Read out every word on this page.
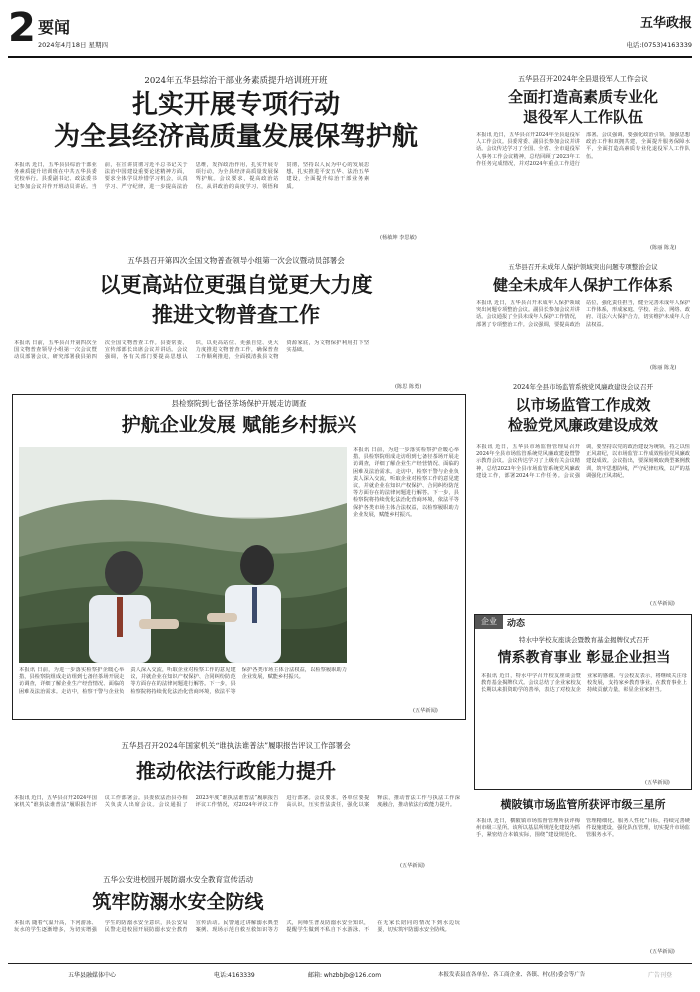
2 要闻
2024年4月18日 星期四
五华政报
电话:(0753)4163339
2024年五华县综治干部业务素质提升培训班开班
扎实开展专项行动
为全县经济高质量发展保驾护航
本报讯 近日，五华县县综治干部业务素质提升培训班在中共五华县委党校举行。县委副书记、政法委书记参加会议并作开班动员讲话。当前，在宣讲贯彻习近平总书记关于法治中国建设重要论述精神方面，要求全体学员珍惜学习机会，认真学习、严守纪律，进一步提高法治思维，发挥政治作用，扎实开展专项行动，为全县经济高质量发展保驾护航。会议要求，提高政治站位，从讲政治的高度学习、领悟和贯彻，坚持以人民为中心的发展思想，扎实推进平安五华、法治五华建设，全面提升综治干部业务素质。
(杨敏坤 李思敏)
五华县召开第四次全国文物普查领导小组第一次会议暨动员部署会
以更高站位更强自觉更大力度
推进文物普查工作
本报讯 日前，五华县召开第四次全国文物普查领导小组第一次会议暨动员部署会议，研究部署我县第四次全国文物普查工作。县委常委、宣传部部长出席会议并讲话。会议强调，各有关部门要提高思想认识，以更高站位、更强自觉、更大力度推进文物普查工作，确保普查工作顺利推进，全面摸清我县文物资源家底，为文物保护利用打下坚实基础。
(陈思 陈勇)
县检察院到七备径茶场保护开展走访调查
护航企业发展 赋能乡村振兴
本报讯 日前，为进一步落实检察护企暖心举措，县检察院组成走访组到七备径茶场开展走访调查，详细了解企业生产经营情况、面临的困难及法治需求。走访中，检察干警与企业负责人深入交流，听取企业对检察工作的意见建议，并就企业在知识产权保护、合同纠纷防范等方面存在的法律问题进行解答。下一步，县检察院将持续优化法治化营商环境，依法平等保护各类市场主体合法权益，以检察履职助力企业发展，赋能乡村振兴。
本报讯 日前，为进一步落实检察护企暖心举措，县检察院组成走访组到七备径茶场开展走访调查，详细了解企业生产经营情况、面临的困难及法治需求。走访中，检察干警与企业负责人深入交流，听取企业对检察工作的意见建议，并就企业在知识产权保护、合同纠纷防范等方面存在的法律问题进行解答。下一步，县检察院将持续优化法治化营商环境，依法平等保护各类市场主体合法权益，以检察履职助力企业发展，赋能乡村振兴。
(五华新闻)
五华县召开2024年国家机关“谁执法谁普法”履职报告评议工作部署会
推动依法行政能力提升
本报讯 近日，五华县召开2024年国家机关“谁执法谁普法”履职报告评议工作部署会。县委依法治县办相关负责人出席会议。会议通报了2023年度“谁执法谁普法”履职报告评议工作情况，对2024年评议工作进行部署。会议要求，各单位要提高认识，压实普法责任，强化以案释法，推动普法工作与执法工作深度融合，推动依法行政能力提升。
(五华新闻)
五华公安进校园开展防溺水安全教育宣传活动
筑牢防溺水安全防线
本报讯 随着气温升高，下河游泳、玩水的学生逐渐增多，为切实增强学生的防溺水安全意识，县公安局民警走进校园开展防溺水安全教育宣传活动。民警通过讲解溺水典型案例、现场示范自救互救知识等方式，向师生普及防溺水安全知识，提醒学生做到不私自下水游泳、不在无家长陪同的情况下到水边玩耍，切实筑牢防溺水安全防线。
五华县召开2024年全县退役军人工作会议
全面打造高素质专业化
退役军人工作队伍
本报讯 近日，五华县召开2024年全县退役军人工作会议。县委常委、副县长参加会议并讲话。会议传达学习了全国、全省、全市退役军人事务工作会议精神，总结回顾了2023年工作任务完成情况，并对2024年重点工作进行部署。会议强调，要强化政治引领，加强思想政治工作和双拥共建，全面提升服务保障水平，全面打造高素质专业化退役军人工作队伍。
(陈丽 陈龙)
五华县召开未成年人保护领域突出问题专项整治会议
健全未成年人保护工作体系
本报讯 近日，五华县召开未成年人保护领域突出问题专项整治会议。副县长参加会议并讲话。会议通报了全县未成年人保护工作情况，部署了专项整治工作。会议强调，要提高政治站位，强化责任担当，健全完善未成年人保护工作体系，形成家庭、学校、社会、网络、政府、司法六大保护合力，切实维护未成年人合法权益。
(陈丽 陈龙)
2024年全县市场监管系统党风廉政建设会议召开
以市场监管工作成效
检验党风廉政建设成效
本报讯 近日，五华县市场监督管理局召开2024年全县市场监管系统党风廉政建设暨警示教育会议。会议传达学习了上级有关会议精神，总结2023年全县市场监管系统党风廉政建设工作，部署2024年工作任务。会议强调，要坚持以党的政治建设为统领，持之以恒正风肃纪，以市场监管工作成效检验党风廉政建设成效。会议指出，要深刻吸取典型案例教训，筑牢思想防线，严守纪律红线，以严的基调强化正风肃纪。
(五华新闻)
企业	动态
特水中学校友座谈会暨教育基金揭牌仪式召开
情系教育事业 彰显企业担当
本报讯 近日，特水中学召开校友座谈会暨教育基金揭牌仪式。会议总结了企业家校友长期以来捐资助学的善举，表达了对校友企业家的感谢。与会校友表示，将继续关注母校发展，支持家乡教育事业，在教育事业上持续贡献力量，彰显企业家担当。
(五华新闻)
横陂镇市场监管所获评市级三星所
本报讯 近日，横陂镇市场监督管理所获评梅州市级三星所。该所以基层所规范化建设为抓手，紧密结合本镇实际，围绕“建设规范化、管理精细化、服务人性化”目标，持续完善硬件设施建设，强化队伍管理，切实提升市场监管服务水平。
(五华新闻)
五华县融媒体中心	电话:4163339	邮箱: whzbbjb@126.com	本报发表县直各单位、各工商企业、各镇、村(居)委会等广告	广告刊登
